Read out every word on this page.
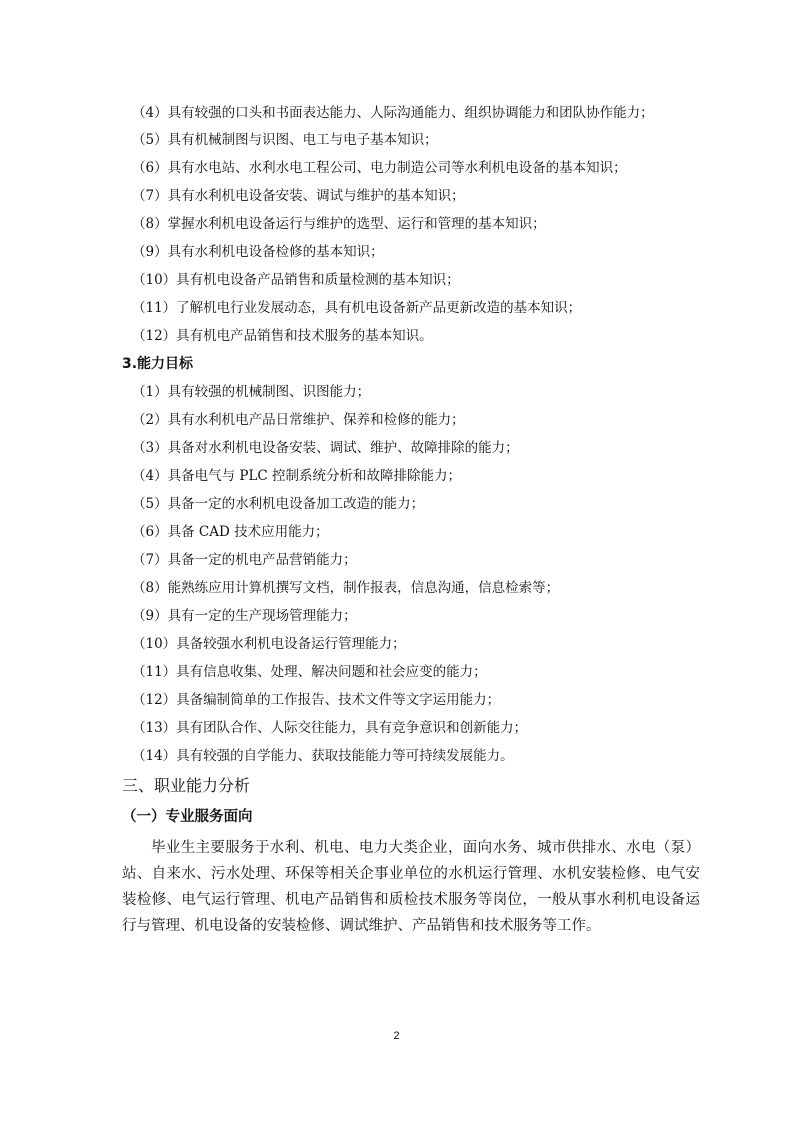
（4）具有较强的口头和书面表达能力、人际沟通能力、组织协调能力和团队协作能力；
（5）具有机械制图与识图、电工与电子基本知识；
（6）具有水电站、水利水电工程公司、电力制造公司等水利机电设备的基本知识；
（7）具有水利机电设备安装、调试与维护的基本知识；
（8）掌握水利机电设备运行与维护的选型、运行和管理的基本知识；
（9）具有水利机电设备检修的基本知识；
（10）具有机电设备产品销售和质量检测的基本知识；
（11）了解机电行业发展动态，具有机电设备新产品更新改造的基本知识；
（12）具有机电产品销售和技术服务的基本知识。
3.能力目标
（1）具有较强的机械制图、识图能力；
（2）具有水利机电产品日常维护、保养和检修的能力；
（3）具备对水利机电设备安装、调试、维护、故障排除的能力；
（4）具备电气与 PLC 控制系统分析和故障排除能力；
（5）具备一定的水利机电设备加工改造的能力；
（6）具备 CAD 技术应用能力；
（7）具备一定的机电产品营销能力；
（8）能熟练应用计算机撰写文档，制作报表，信息沟通，信息检索等；
（9）具有一定的生产现场管理能力；
（10）具备较强水利机电设备运行管理能力；
（11）具有信息收集、处理、解决问题和社会应变的能力；
（12）具备编制简单的工作报告、技术文件等文字运用能力；
（13）具有团队合作、人际交往能力，具有竞争意识和创新能力；
（14）具有较强的自学能力、获取技能能力等可持续发展能力。
三、职业能力分析
（一）专业服务面向
毕业生主要服务于水利、机电、电力大类企业，面向水务、城市供排水、水电（泵）站、自来水、污水处理、环保等相关企事业单位的水机运行管理、水机安装检修、电气安装检修、电气运行管理、机电产品销售和质检技术服务等岗位，一般从事水利机电设备运行与管理、机电设备的安装检修、调试维护、产品销售和技术服务等工作。
2
